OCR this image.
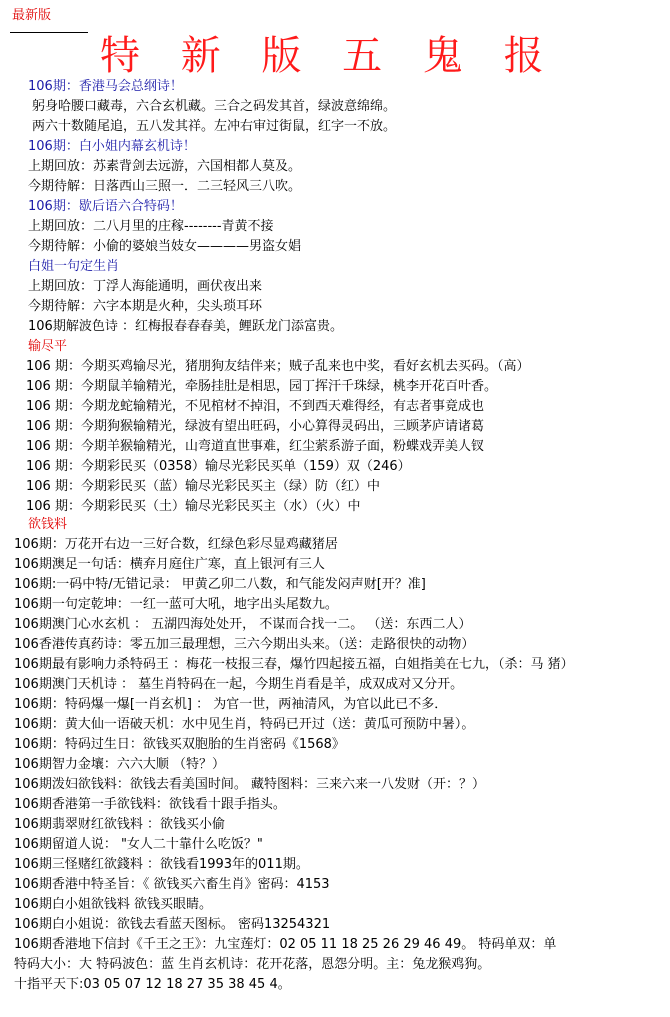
最新版
特 新 版 五 鬼 报
106期：香港马会总纲诗！
躬身哈腰口藏毒，六合玄机藏。三合之码发其首，绿波意绵绵。
两六十数随尾追，五八发其祥。左冲右审过街鼠，红字一不放。
106期：白小姐内幕玄机诗！
上期回放：苏素背剑去远游，六国相都人莫及。
今期待解：日落西山三照一．二三轻风三八吹。
106期：歇后语六合特码！
上期回放：二八月里的庄稼--------青黄不接
今期待解：小偷的婆娘当妓女————男盗女娼
白姐一句定生肖
上期回放：丁浮人海能通明，画伏夜出来
今期待解：六字本期是火种，尖头琐耳环
106期解波色诗 ：红梅报春春春美，鲤跃龙门添富贵。
输尽平
106 期：今期买鸡输尽光，猪朋狗友结伴来；贼子乱来也中奖，看好玄机去买码。（高）
106 期：今期鼠羊输精光，牵肠挂肚是相思，园丁挥汗千珠绿，桃李开花百叶香。
106 期：今期龙蛇输精光，不见棺材不掉泪，不到西天难得经，有志者事竟成也
106 期：今期狗猴输精光，绿波有望出旺码，小心算得灵码出，三顾茅庐请诸葛
106 期：今期羊猴输精光，山弯道直世事难，红尘萦系游子面，粉蝶戏弄美人钗
106 期：今期彩民买（0358）输尽光彩民买单（159）双（246）
106 期：今期彩民买（蓝）输尽光彩民买主（绿）防（红）中
106 期：今期彩民买（土）输尽光彩民买主（水）（火）中
欲钱料
106期：万花开右边一三好合数，红绿色彩尽显鸡藏猪居
106期澳足一句话：横弃月庭住广寒，直上银河有三人
106期:一码中特/无错记录： 甲黄乙卯二八数，和气能发闷声财[开？准]
106期一句定乾坤：一红一蓝可大吼，地字出头尾数九。
106期澳门心水玄机 ： 五湖四海处处开， 不谋而合找一二。 （送：东西二人）
106香港传真药诗：零五加三最理想，三六今期出头来。（送：走路很快的动物）
106期最有影响力杀特码王 ：梅花一枝报三春，爆竹四起接五福，白姐指美在七九，（杀：马 猪）
106期澳门天机诗 ： 墓生肖特码在一起，今期生肖看是羊，成双成对又分开。
106期：特码爆一爆[一肖玄机] ： 为官一世，两袖清风，为官以此已不多．
106期：黄大仙一语破天机：水中见生肖，特码已开过（送：黄瓜可预防中暑）。
106期：特码过生日：欲钱买双胞胎的生肖密码《1568》
106期智力金壤：六六大顺 （特？）
106期泼妇欲钱料：欲钱去看美国时间。 藏特图料：三来六来一八发财（开：？）
106期香港第一手欲钱料：欲钱看十跟手指头。
106期翡翠财红欲钱料 ：欲钱买小偷
106期留道人说： "女人二十靠什么吃饭？"
106期三怪赌红欲錢料 ：欲钱看1993年的011期。
106期香港中特圣旨：《 欲钱买六畜生肖》密码：4153
106期白小姐欲钱料 欲钱买眼睛。
106期白小姐说：欲钱去看蓝天图标。 密码13254321
106期香港地下信封《千王之王》：九宝莲灯：02 05 11 18 25 26 29 46 49。 特码单双：单
特码大小：大 特码波色：蓝 生肖玄机诗：花开花落，恩怨分明。主：兔龙猴鸡狗。
十指平天下:03 05 07 12 18 27 35 38 45 4。
